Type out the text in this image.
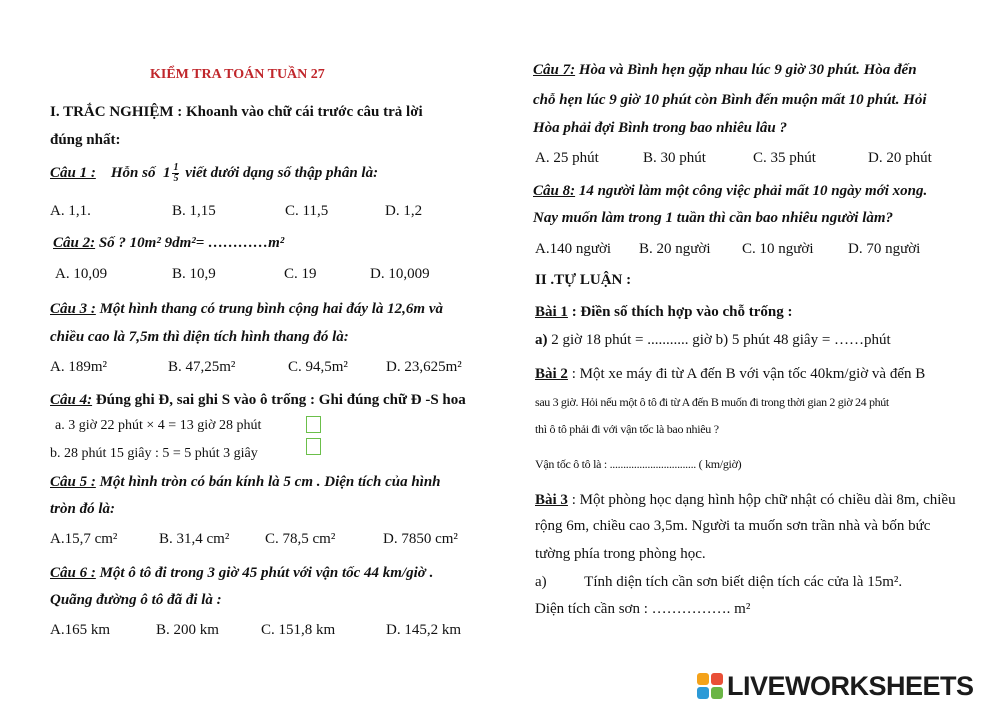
KIỂM TRA TOÁN TUẦN 27
I. TRẮC NGHIỆM : Khoanh vào chữ cái trước câu trả lời
đúng nhất:
Câu 1 : Hỗn số $1 \frac{1}{5}$ viết dưới dạng số thập phân là:
A. 1,1.	B. 1,15	C. 11,5	D. 1,2
Câu 2: Số ? 10m² 9dm²= …………m²
A. 10,09	B. 10,9	C. 19	D. 10,009
Câu 3 : Một hình thang có trung bình cộng hai đáy là 12,6m và
chiều cao là 7,5m thì diện tích hình thang đó là:
A. 189m²	B. 47,25m²	C. 94,5m²	D. 23,625m²
Câu 4: Đúng ghi Đ, sai ghi S vào ô trống : Ghi đúng chữ Đ -S hoa
a. 3 giờ 22 phút × 4 = 13 giờ 28 phút
b. 28 phút 15 giây : 5 = 5 phút 3 giây
Câu 5 : Một hình tròn có bán kính là 5 cm . Diện tích của hình
tròn đó là:
A.15,7 cm²	B. 31,4 cm² C. 78,5 cm²	D. 7850 cm²
Câu 6 : Một ô tô đi trong 3 giờ 45 phút với vận tốc 44 km/giờ .
Quãng đường ô tô đã đi là :
A.165 km	B. 200 km	C. 151,8 km	D. 145,2 km
Câu 7: Hòa và Bình hẹn gặp nhau lúc 9 giờ 30 phút. Hòa đến
chỗ hẹn lúc 9 giờ 10 phút còn Bình đến muộn mất 10 phút. Hỏi
Hòa phải đợi Bình trong bao nhiêu lâu ?
A. 25 phút	B. 30 phút	C. 35 phút	D. 20 phút
Câu 8: 14 người làm một công việc phải mất 10 ngày mới xong.
Nay muốn làm trong 1 tuần thì cần bao nhiêu người làm?
A.140 người B. 20 người C. 10 người D. 70 người
II .TỰ LUẬN :
Bài 1 : Điền số thích hợp vào chỗ trống :
a) 2 giờ 18 phút = ........... giờ b) 5 phút 48 giây = ……phút
Bài 2 : Một xe máy đi từ A đến B với vận tốc 40km/giờ và đến B
sau 3 giờ. Hỏi nếu một ô tô đi từ A đến B muốn đi trong thời gian 2 giờ 24 phút
thì ô tô phải đi với vận tốc là bao nhiêu ?
Vận tốc ô tô là : ................................ ( km/giờ)
Bài 3 : Một phòng học dạng hình hộp chữ nhật có chiều dài 8m, chiều
rộng 6m, chiều cao 3,5m. Người ta muốn sơn trần nhà và bốn bức
tường phía trong phòng học.
a)	Tính diện tích cần sơn biết diện tích các cửa là 15m².
Diện tích cần sơn : ……………. m²
LIVEWORKSHEETS
